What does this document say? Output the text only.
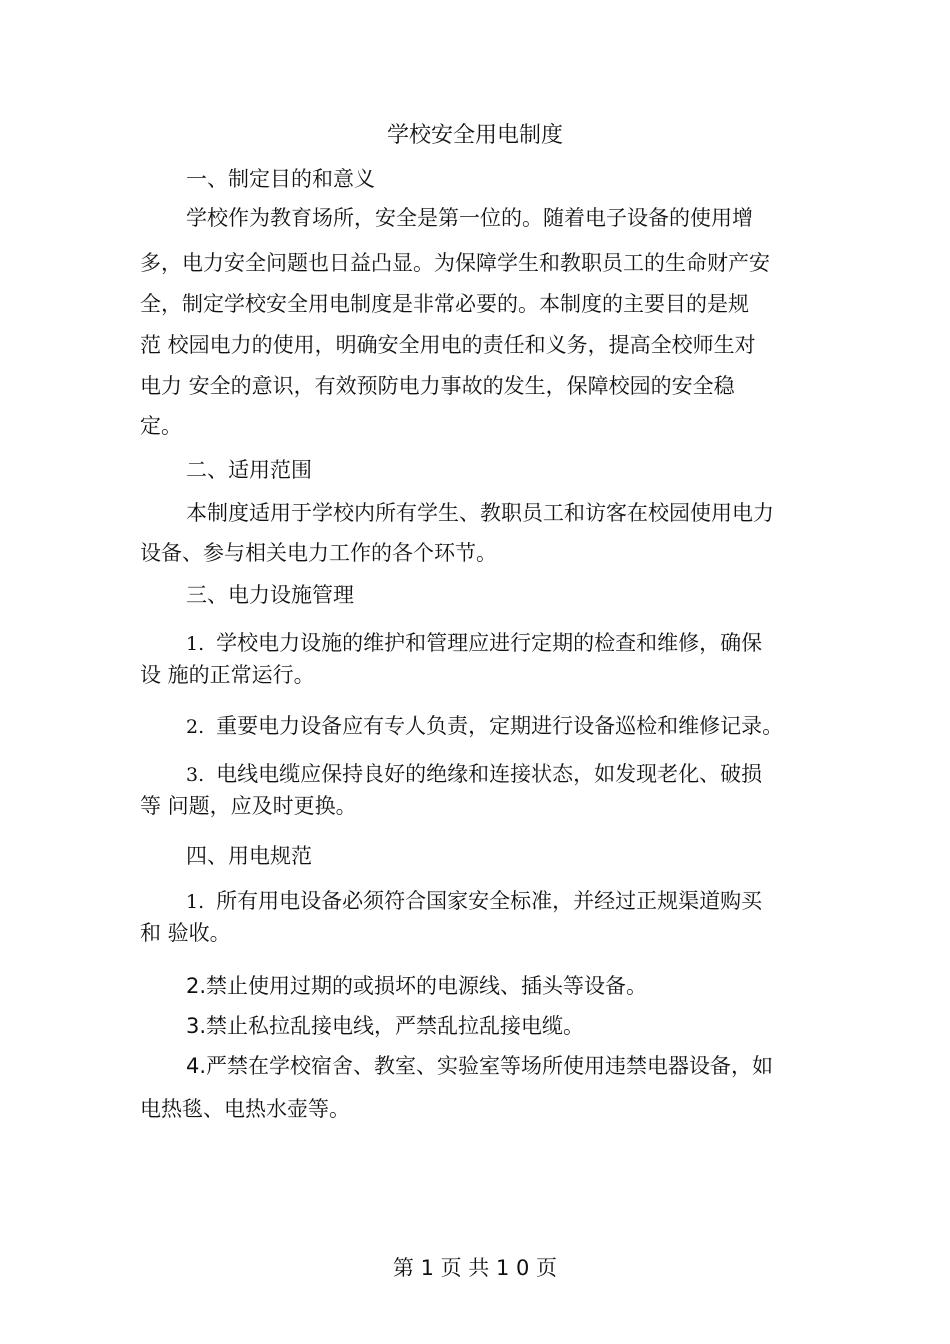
学校安全用电制度
一、制定目的和意义
学校作为教育场所，安全是第一位的。随着电子设备的使用增
多，电力安全问题也日益凸显。为保障学生和教职员工的生命财产安
全，制定学校安全用电制度是非常必要的。本制度的主要目的是规
范 校园电力的使用，明确安全用电的责任和义务，提高全校师生对
电力 安全的意识，有效预防电力事故的发生，保障校园的安全稳
定。
二、适用范围
本制度适用于学校内所有学生、教职员工和访客在校园使用电力
设备、参与相关电力工作的各个环节。
三、电力设施管理
1. 学校电力设施的维护和管理应进行定期的检查和维修，确保
设 施的正常运行。
2. 重要电力设备应有专人负责，定期进行设备巡检和维修记录。
3. 电线电缆应保持良好的绝缘和连接状态，如发现老化、破损
等 问题，应及时更换。
四、用电规范
1. 所有用电设备必须符合国家安全标准，并经过正规渠道购买
和 验收。
2.禁止使用过期的或损坏的电源线、插头等设备。
3.禁止私拉乱接电线，严禁乱拉乱接电缆。
4.严禁在学校宿舍、教室、实验室等场所使用违禁电器设备，如
电热毯、电热水壶等。
第 1 页 共 1 0 页
